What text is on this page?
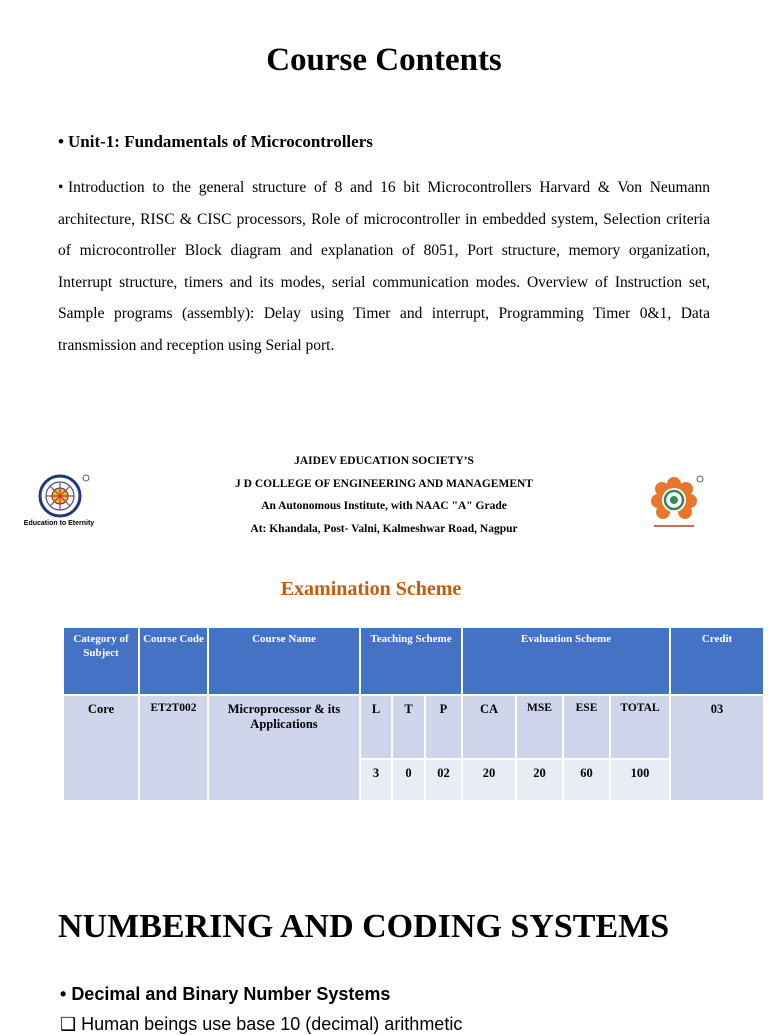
Course Contents
• Unit-1: Fundamentals of Microcontrollers
• Introduction to the general structure of 8 and 16 bit Microcontrollers Harvard & Von Neumann architecture, RISC & CISC processors, Role of microcontroller in embedded system, Selection criteria of microcontroller Block diagram and explanation of 8051, Port structure, memory organization, Interrupt structure, timers and its modes, serial communication modes. Overview of Instruction set, Sample programs (assembly): Delay using Timer and interrupt, Programming Timer 0&1, Data transmission and reception using Serial port.
Education to Eternity
JAIDEV EDUCATION SOCIETY’S
J D COLLEGE OF ENGINEERING AND MANAGEMENT
An Autonomous Institute, with NAAC "A" Grade
At: Khandala, Post- Valni, Kalmeshwar Road, Nagpur
Examination Scheme
Category of Subject	Course Code	Course Name	Teaching Scheme			Evaluation Scheme				Credit
Core	ET2T002	Microprocessor & its Applications	L	T	P	CA	MSE	ESE	TOTAL	03
			3	0	02	20	20	60	100	
NUMBERING AND CODING SYSTEMS
• Decimal and Binary Number Systems
❑ Human beings use base 10 (decimal) arithmetic
